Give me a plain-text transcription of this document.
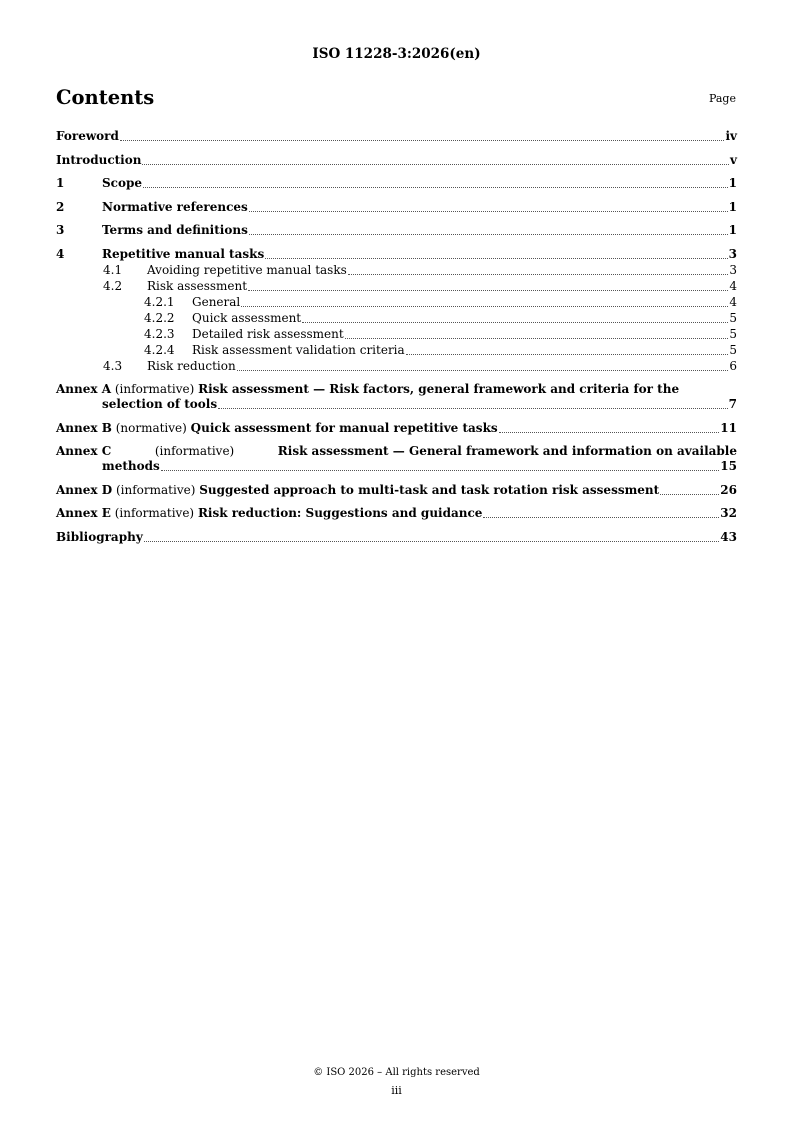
ISO 11228-3:2026(en)
Contents	Page
Foreword	iv
Introduction	v
1	Scope	1
2	Normative references	1
3	Terms and definitions	1
4	Repetitive manual tasks	3
4.1	Avoiding repetitive manual tasks	3
4.2	Risk assessment	4
4.2.1	General	4
4.2.2	Quick assessment	5
4.2.3	Detailed risk assessment	5
4.2.4	Risk assessment validation criteria	5
4.3	Risk reduction	6
Annex A (informative) Risk assessment — Risk factors, general framework and criteria for the
selection of tools	7
Annex B (normative) Quick assessment for manual repetitive tasks	11
Annex C	(informative)	Risk assessment — General framework and information on available
methods	15
Annex D (informative) Suggested approach to multi-task and task rotation risk assessment	26
Annex E (informative) Risk reduction: Suggestions and guidance	32
Bibliography	43
© ISO 2026 – All rights reserved
iii
